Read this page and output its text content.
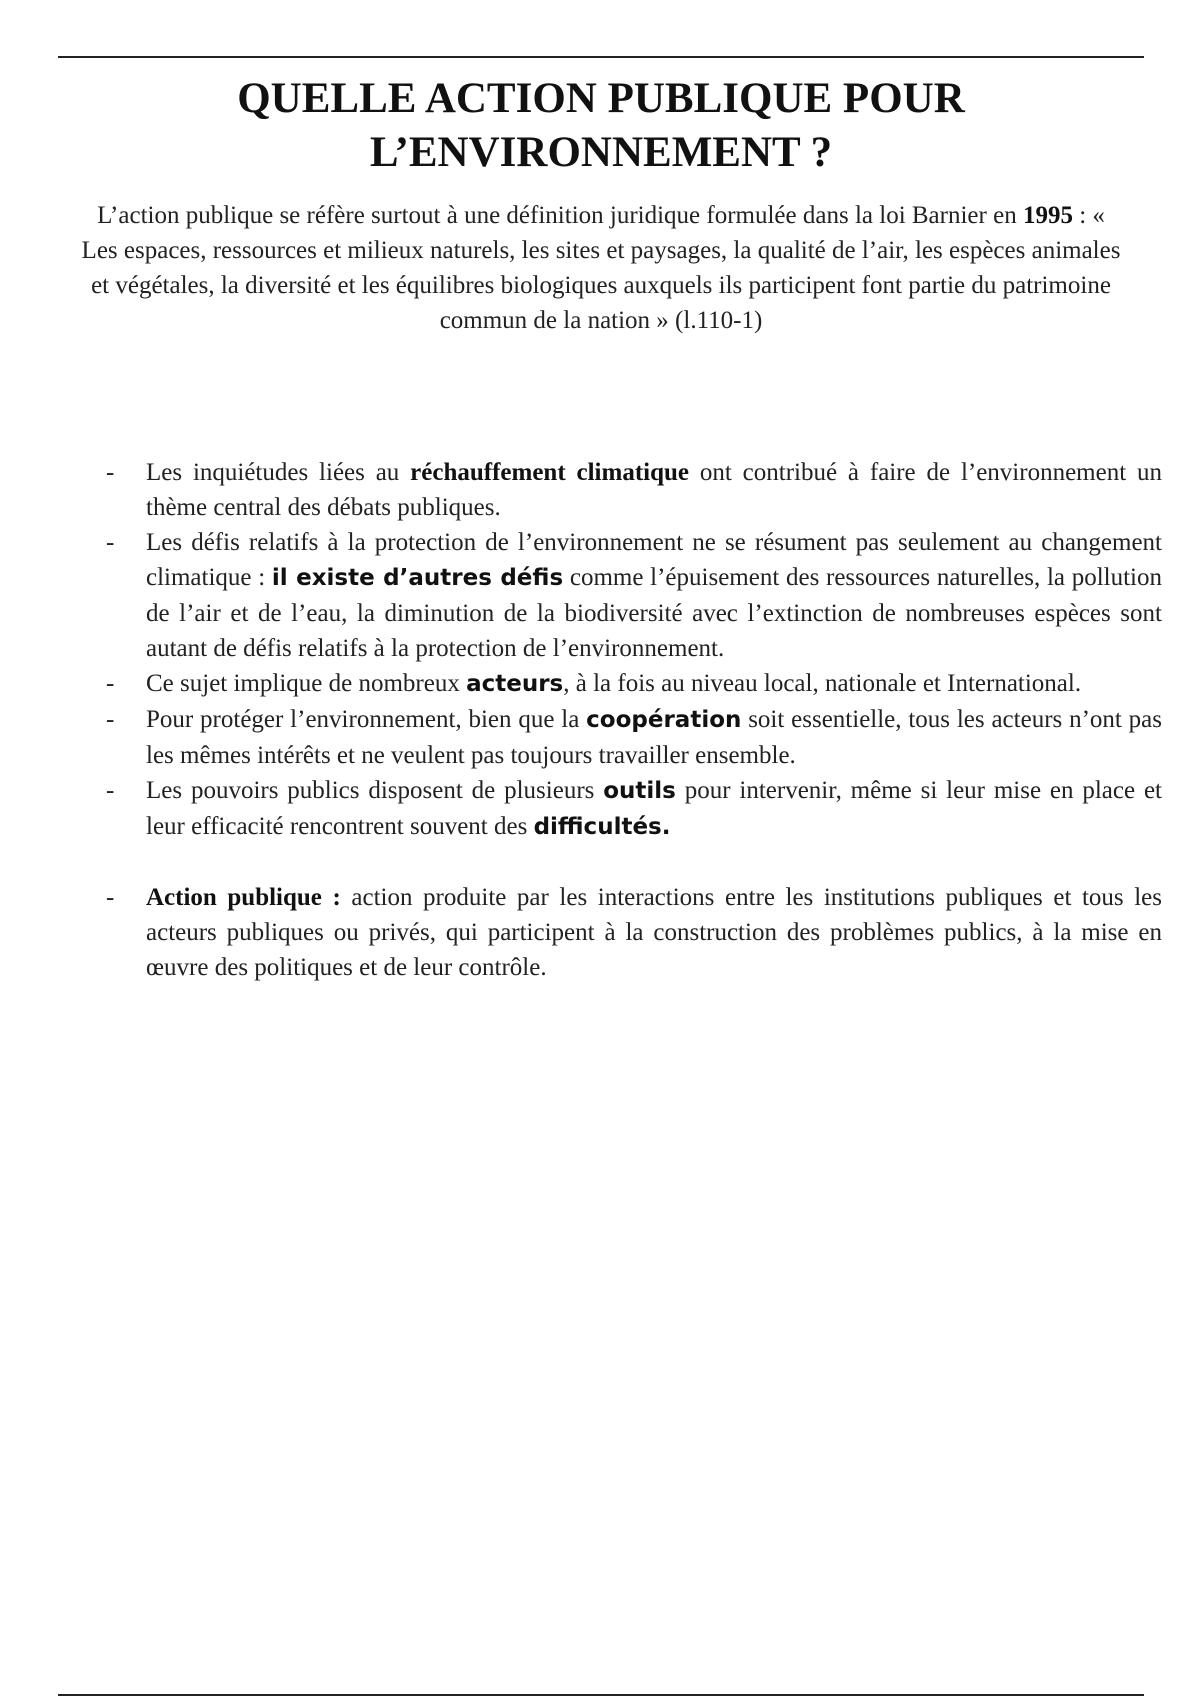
QUELLE ACTION PUBLIQUE POUR
L’ENVIRONNEMENT ?

L’action publique se réfère surtout à une définition juridique formulée dans la loi Barnier en 1995 : « Les espaces, ressources et milieux naturels, les sites et paysages, la qualité de l’air, les espèces animales et végétales, la diversité et les équilibres biologiques auxquels ils participent font partie du patrimoine commun de la nation » (l.110-1)

- Les inquiétudes liées au réchauffement climatique ont contribué à faire de l’environnement un thème central des débats publiques.
- Les défis relatifs à la protection de l’environnement ne se résument pas seulement au changement climatique : il existe d’autres défis comme l’épuisement des ressources naturelles, la pollution de l’air et de l’eau, la diminution de la biodiversité avec l’extinction de nombreuses espèces sont autant de défis relatifs à la protection de l’environnement.
- Ce sujet implique de nombreux acteurs, à la fois au niveau local, nationale et International.
- Pour protéger l’environnement, bien que la coopération soit essentielle, tous les acteurs n’ont pas les mêmes intérêts et ne veulent pas toujours travailler ensemble.
- Les pouvoirs publics disposent de plusieurs outils pour intervenir, même si leur mise en place et leur efficacité rencontrent souvent des difficultés.
- Action publique : action produite par les interactions entre les institutions publiques et tous les acteurs publiques ou privés, qui participent à la construction des problèmes publics, à la mise en œuvre des politiques et de leur contrôle.
